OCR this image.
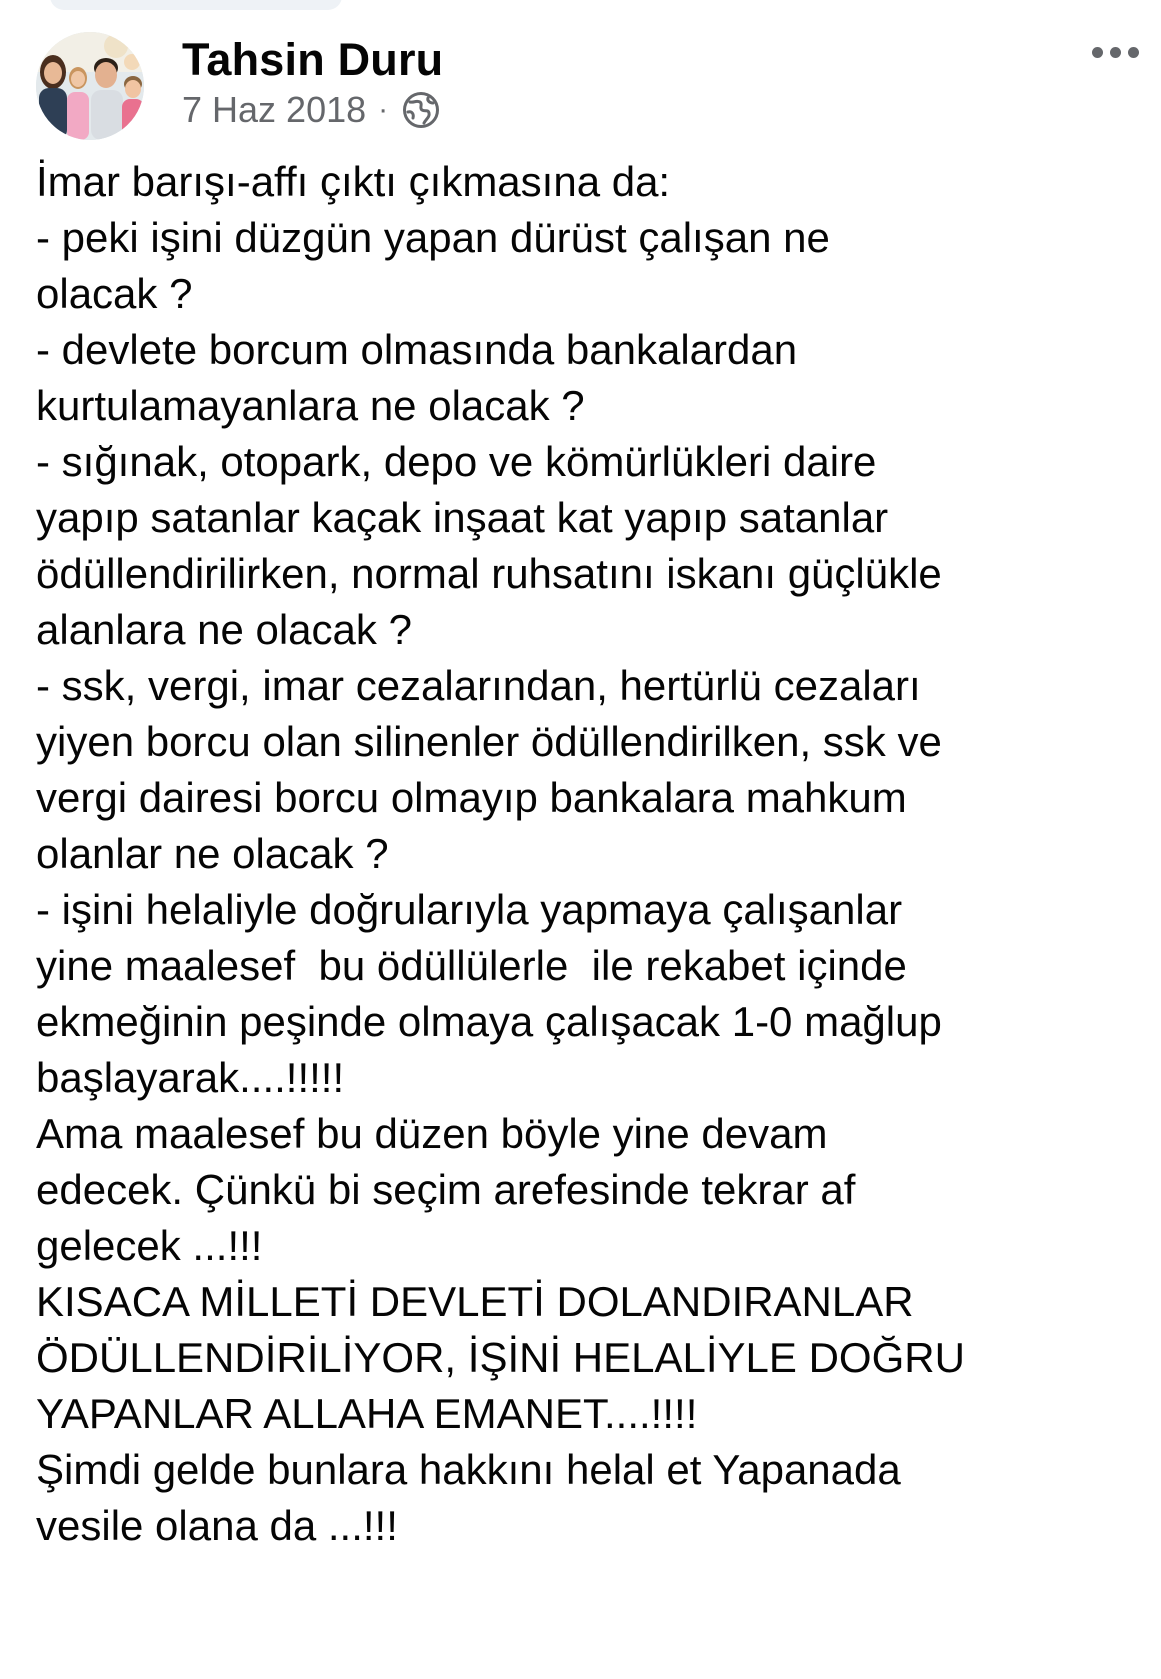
Tahsin Duru
7 Haz 2018 ·
İmar barışı-affı çıktı çıkmasına da:
- peki işini düzgün yapan dürüst çalışan ne
olacak ?
- devlete borcum olmasında bankalardan
kurtulamayanlara ne olacak ?
- sığınak, otopark, depo ve kömürlükleri daire
yapıp satanlar kaçak inşaat kat yapıp satanlar
ödüllendirilirken, normal ruhsatını iskanı güçlükle
alanlara ne olacak ?
- ssk, vergi, imar cezalarından, hertürlü cezaları
yiyen borcu olan silinenler ödüllendirilken, ssk ve
vergi dairesi borcu olmayıp bankalara mahkum
olanlar ne olacak ?
- işini helaliyle doğrularıyla yapmaya çalışanlar
yine maalesef  bu ödüllülerle  ile rekabet içinde
ekmeğinin peşinde olmaya çalışacak 1-0 mağlup
başlayarak....!!!!!
Ama maalesef bu düzen böyle yine devam
edecek. Çünkü bi seçim arefesinde tekrar af
gelecek ...!!!
KISACA MİLLETİ DEVLETİ DOLANDIRANLAR
ÖDÜLLENDİRİLİYOR, İŞİNİ HELALİYLE DOĞRU
YAPANLAR ALLAHA EMANET....!!!!
Şimdi gelde bunlara hakkını helal et Yapanada
vesile olana da ...!!!
